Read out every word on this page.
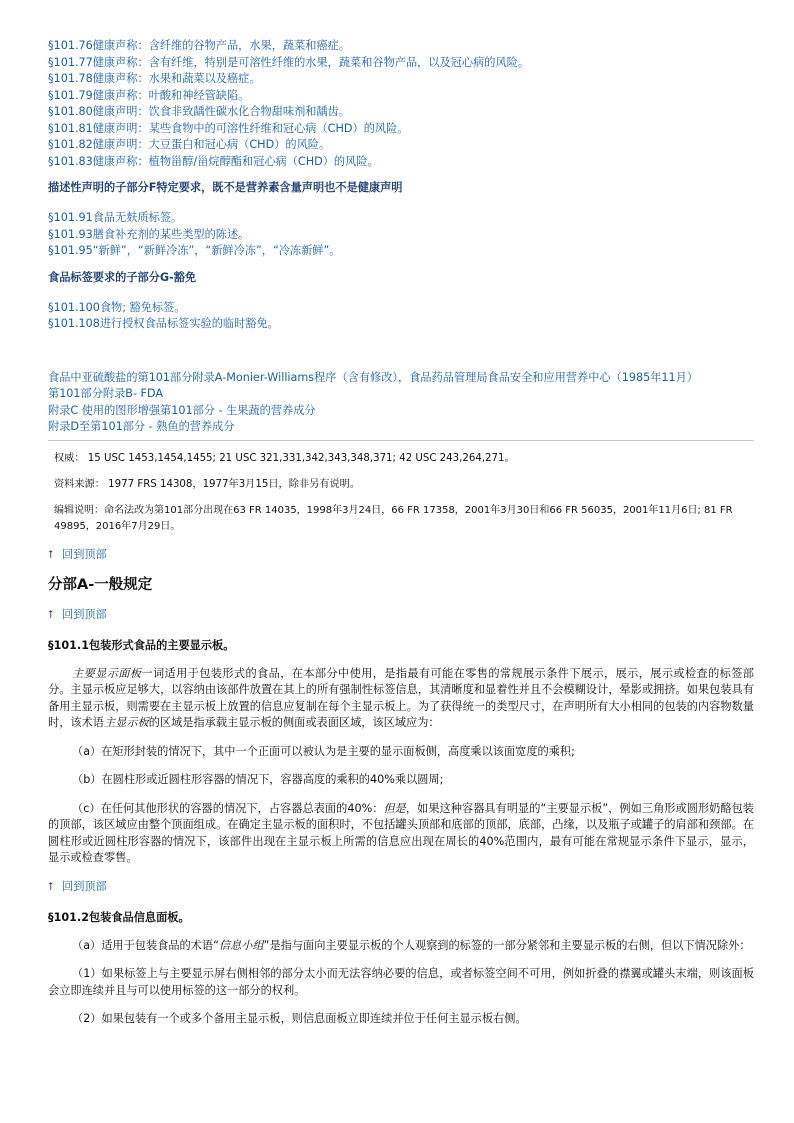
§101.76健康声称：含纤维的谷物产品，水果，蔬菜和癌症。

§101.77健康声称：含有纤维，特别是可溶性纤维的水果，蔬菜和谷物产品，以及冠心病的风险。

§101.78健康声称：水果和蔬菜以及癌症。

§101.79健康声称：叶酸和神经管缺陷。

§101.80健康声明：饮食非致龋性碳水化合物甜味剂和龋齿。

§101.81健康声明：某些食物中的可溶性纤维和冠心病（CHD）的风险。

§101.82健康声明：大豆蛋白和冠心病（CHD）的风险。

§101.83健康声称：植物甾醇/甾烷醇酯和冠心病（CHD）的风险。

描述性声明的子部分F特定要求，既不是营养素含量声明也不是健康声明

§101.91食品无麸质标签。

§101.93膳食补充剂的某些类型的陈述。

§101.95“新鲜”，“新鲜冷冻”，“新鲜冷冻”，“冷冻新鲜”。

食品标签要求的子部分G-豁免

§101.100食物; 豁免标签。

§101.108进行授权食品标签实验的临时豁免。

食品中亚硫酸盐的第101部分附录A-Monier-Williams程序（含有修改），食品药品管理局食品安全和应用营养中心（1985年11月）

第101部分附录B- FDA

附录C 使用的图形增强第101部分 - 生果蔬的营养成分

附录D至第101部分 - 熟鱼的营养成分

权威： 15 USC 1453,1454,1455; 21 USC 321,331,342,343,348,371; 42 USC 243,264,271。

资料来源： 1977 FRS 14308，1977年3月15日，除非另有说明。

编辑说明：命名法改为第101部分出现在63 FR 14035，1998年3月24日，66 FR 17358，2001年3月30日和66 FR 56035，2001年11月6日; 81 FR 49895，2016年7月29日。

⭡ 回到顶部
分部A-一般规定
⭡ 回到顶部
§101.1包装形式食品的主要显示板。

主要显示面板一词适用于包装形式的食品，在本部分中使用，是指最有可能在零售的常规展示条件下展示，展示，展示或检查的标签部分。主显示板应足够大，以容纳由该部件放置在其上的所有强制性标签信息，其清晰度和显着性并且不会模糊设计，晕影或拥挤。如果包装具有备用主显示板，则需要在主显示板上放置的信息应复制在每个主显示板上。为了获得统一的类型尺寸，在声明所有大小相同的包装的内容物数量时，该术语主显示板的区域是指承载主显示板的侧面或表面区域，该区域应为：

（a）在矩形封装的情况下，其中一个正面可以被认为是主要的显示面板侧，高度乘以该面宽度的乘积;

（b）在圆柱形或近圆柱形容器的情况下，容器高度的乘积的40%乘以圆周;

（c）在任何其他形状的容器的情况下，占容器总表面的40%：但是，如果这种容器具有明显的“主要显示板”，例如三角形或圆形奶酪包装的顶部，该区域应由整个顶面组成。在确定主显示板的面积时，不包括罐头顶部和底部的顶部，底部，凸缘，以及瓶子或罐子的肩部和颈部。在圆柱形或近圆柱形容器的情况下，该部件出现在主显示板上所需的信息应出现在周长的40%范围内，最有可能在常规显示条件下显示，显示，显示或检查零售。

⭡ 回到顶部
§101.2包装食品信息面板。

（a）适用于包装食品的术语“信息小组”是指与面向主要显示板的个人观察到的标签的一部分紧邻和主要显示板的右侧，但以下情况除外：

（1）如果标签上与主要显示屏右侧相邻的部分太小而无法容纳必要的信息，或者标签空间不可用，例如折叠的襟翼或罐头末端，则该面板会立即连续并且与可以使用标签的这一部分的权利。

（2）如果包装有一个或多个备用主显示板，则信息面板立即连续并位于任何主显示板右侧。
